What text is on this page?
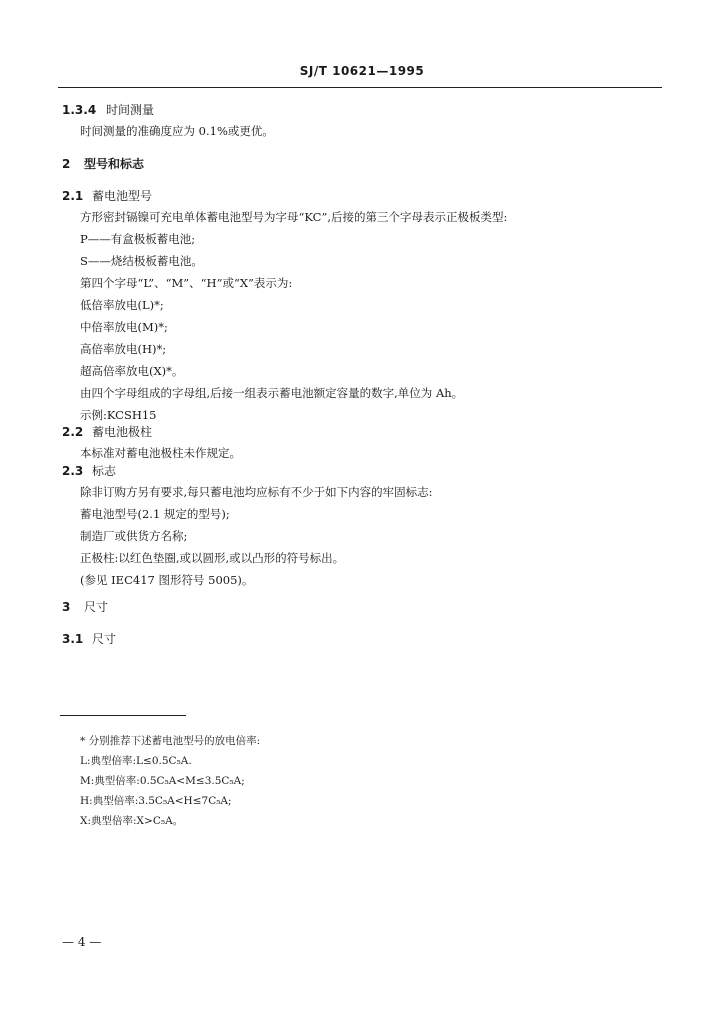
SJ/T 10621—1995
1.3.4 时间测量
时间测量的准确度应为 0.1%或更优。
2 型号和标志
2.1 蓄电池型号
方形密封镉镍可充电单体蓄电池型号为字母“KC”,后接的第三个字母表示正极板类型:
P——有盒极板蓄电池;
S——烧结极板蓄电池。
第四个字母“L”、“M”、“H”或“X”表示为:
低倍率放电(L)*;
中倍率放电(M)*;
高倍率放电(H)*;
超高倍率放电(X)*。
由四个字母组成的字母组,后接一组表示蓄电池额定容量的数字,单位为 Ah。
示例:KCSH15
2.2 蓄电池极柱
本标准对蓄电池极柱未作规定。
2.3 标志
除非订购方另有要求,每只蓄电池均应标有不少于如下内容的牢固标志:
蓄电池型号(2.1 规定的型号);
制造厂或供货方名称;
正极柱:以红色垫圈,或以圆形,或以凸形的符号标出。
(参见 IEC417 图形符号 5005)。
3 尺寸
3.1 尺寸
* 分别推荐下述蓄电池型号的放电倍率:
L:典型倍率:L≤0.5C₅A.
M:典型倍率:0.5C₅A<M≤3.5C₅A;
H:典型倍率:3.5C₅A<H≤7C₅A;
X:典型倍率:X>C₅A。
— 4 —
